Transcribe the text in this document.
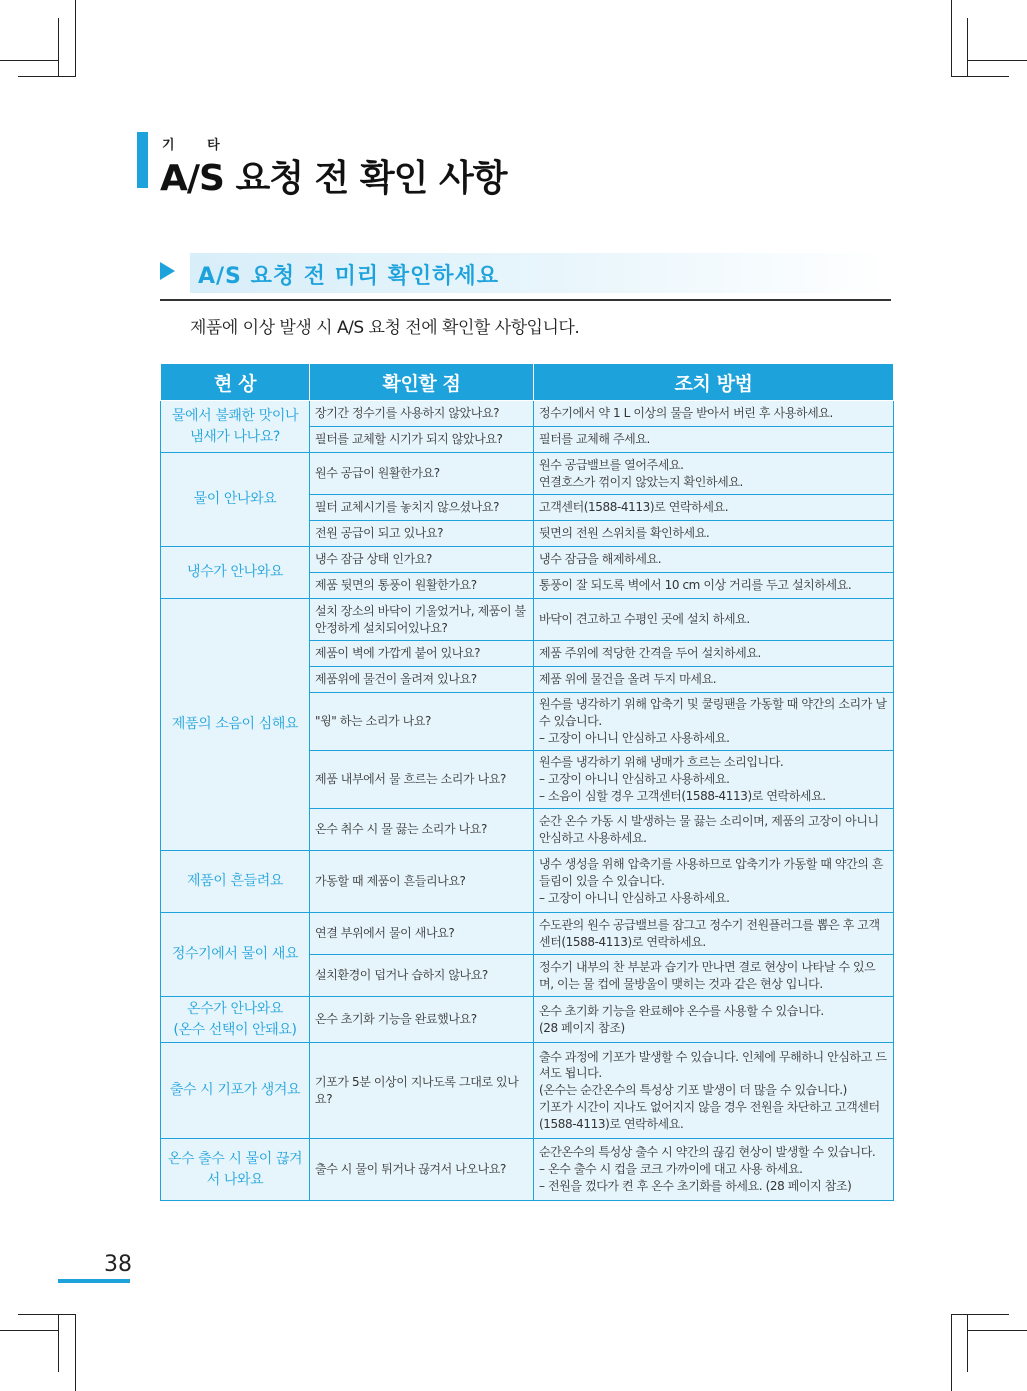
기 타
A/S 요청 전 확인 사항
A/S 요청 전 미리 확인하세요
제품에 이상 발생 시 A/S 요청 전에 확인할 사항입니다.
현 상	확인할 점	조치 방법
물에서 불쾌한 맛이나 냄새가 나나요?	장기간 정수기를 사용하지 않았나요?	정수기에서 약 1 L 이상의 물을 받아서 버린 후 사용하세요.
	필터를 교체할 시기가 되지 않았나요?	필터를 교체해 주세요.
물이 안나와요	원수 공급이 원활한가요?	원수 공급밸브를 열어주세요.
연결호스가 꺾이지 않았는지 확인하세요.
	필터 교체시기를 놓치지 않으셨나요?	고객센터(1588-4113)로 연락하세요.
	전원 공급이 되고 있나요?	뒷면의 전원 스위치를 확인하세요.
냉수가 안나와요	냉수 잠금 상태 인가요?	냉수 잠금을 해제하세요.
	제품 뒷면의 통풍이 원활한가요?	통풍이 잘 되도록 벽에서 10 cm 이상 거리를 두고 설치하세요.
제품의 소음이 심해요	설치 장소의 바닥이 기울었거나, 제품이 불안정하게 설치되어있나요?	바닥이 견고하고 수평인 곳에 설치 하세요.
	제품이 벽에 가깝게 붙어 있나요?	제품 주위에 적당한 간격을 두어 설치하세요.
	제품위에 물건이 올려져 있나요?	제품 위에 물건을 올려 두지 마세요.
	"윙" 하는 소리가 나요?	원수를 냉각하기 위해 압축기 및 쿨링팬을 가동할 때 약간의 소리가 날 수 있습니다.
– 고장이 아니니 안심하고 사용하세요.
	제품 내부에서 물 흐르는 소리가 나요?	원수를 냉각하기 위해 냉매가 흐르는 소리입니다.
– 고장이 아니니 안심하고 사용하세요.
– 소음이 심할 경우 고객센터(1588-4113)로 연락하세요.
	온수 취수 시 물 끓는 소리가 나요?	순간 온수 가동 시 발생하는 물 끓는 소리이며, 제품의 고장이 아니니 안심하고 사용하세요.
제품이 흔들려요	가동할 때 제품이 흔들리나요?	냉수 생성을 위해 압축기를 사용하므로 압축기가 가동할 때 약간의 흔들림이 있을 수 있습니다.
– 고장이 아니니 안심하고 사용하세요.
정수기에서 물이 새요	연결 부위에서 물이 새나요?	수도관의 원수 공급밸브를 잠그고 정수기 전원플러그를 뽑은 후 고객센터(1588-4113)로 연락하세요.
	설치환경이 덥거나 습하지 않나요?	정수기 내부의 찬 부분과 습기가 만나면 결로 현상이 나타날 수 있으며, 이는 물 컵에 물방울이 맺히는 것과 같은 현상 입니다.
온수가 안나와요
(온수 선택이 안돼요)	온수 초기화 기능을 완료했나요?	온수 초기화 기능을 완료해야 온수를 사용할 수 있습니다.
(28 페이지 참조)
출수 시 기포가 생겨요	기포가 5분 이상이 지나도록 그대로 있나요?	출수 과정에 기포가 발생할 수 있습니다. 인체에 무해하니 안심하고 드셔도 됩니다.
(온수는 순간온수의 특성상 기포 발생이 더 많을 수 있습니다.)
기포가 시간이 지나도 없어지지 않을 경우 전원을 차단하고 고객센터(1588-4113)로 연락하세요.
온수 출수 시 물이 끊겨서 나와요	출수 시 물이 튀거나 끊겨서 나오나요?	순간온수의 특성상 출수 시 약간의 끊김 현상이 발생할 수 있습니다.
– 온수 출수 시 컵을 코크 가까이에 대고 사용 하세요.
– 전원을 껐다가 켠 후 온수 초기화를 하세요. (28 페이지 참조)
38
